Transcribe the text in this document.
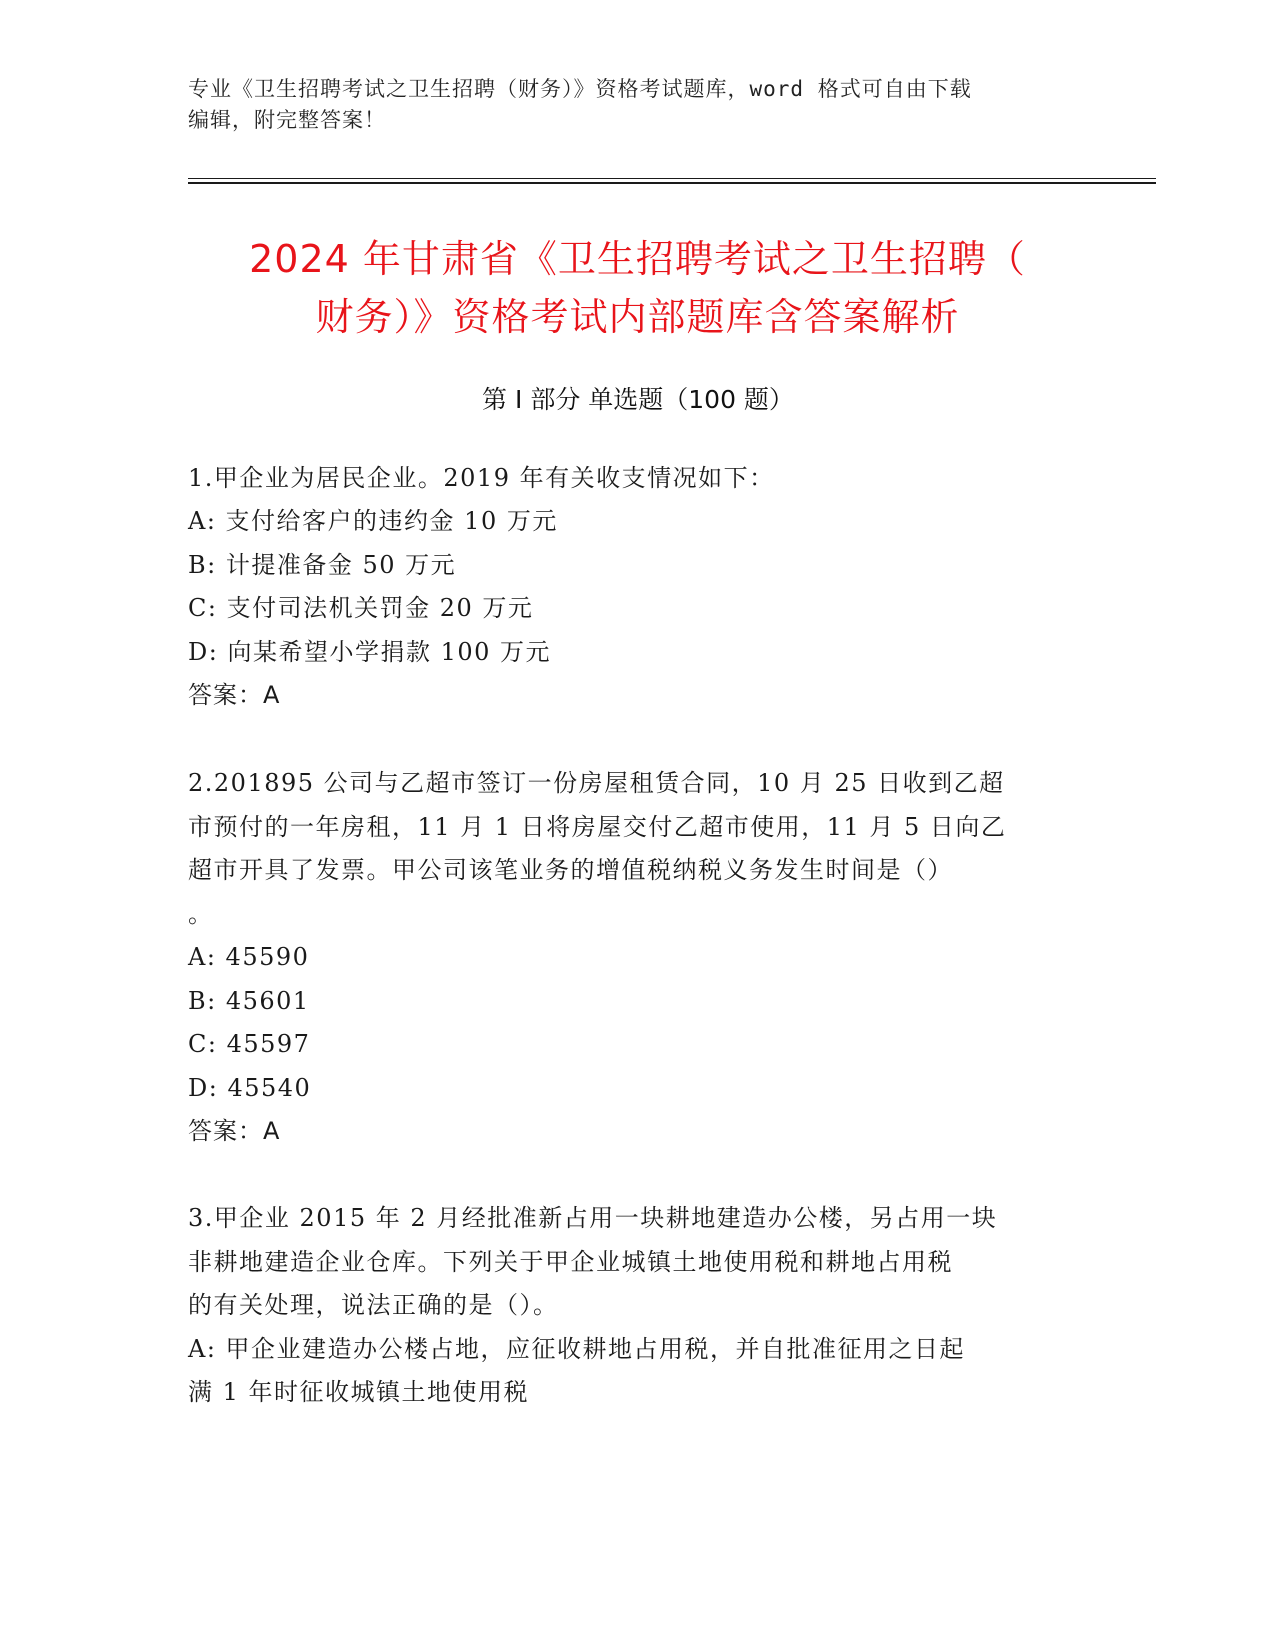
专业《卫生招聘考试之卫生招聘（财务）》资格考试题库，word 格式可自由下载
编辑，附完整答案！
2024 年甘肃省《卫生招聘考试之卫生招聘（
财务）》资格考试内部题库含答案解析
第 I 部分 单选题（100 题）
1.甲企业为居民企业。2019 年有关收支情况如下：
A: 支付给客户的违约金 10 万元
B: 计提准备金 50 万元
C: 支付司法机关罚金 20 万元
D: 向某希望小学捐款 100 万元
答案：A
2.201895 公司与乙超市签订一份房屋租赁合同，10 月 25 日收到乙超
市预付的一年房租，11 月 1 日将房屋交付乙超市使用，11 月 5 日向乙
超市开具了发票。甲公司该笔业务的增值税纳税义务发生时间是（）
。
A: 45590
B: 45601
C: 45597
D: 45540
答案：A
3.甲企业 2015 年 2 月经批准新占用一块耕地建造办公楼，另占用一块
非耕地建造企业仓库。下列关于甲企业城镇土地使用税和耕地占用税
的有关处理，说法正确的是（）。
A: 甲企业建造办公楼占地，应征收耕地占用税，并自批准征用之日起
满 1 年时征收城镇土地使用税
